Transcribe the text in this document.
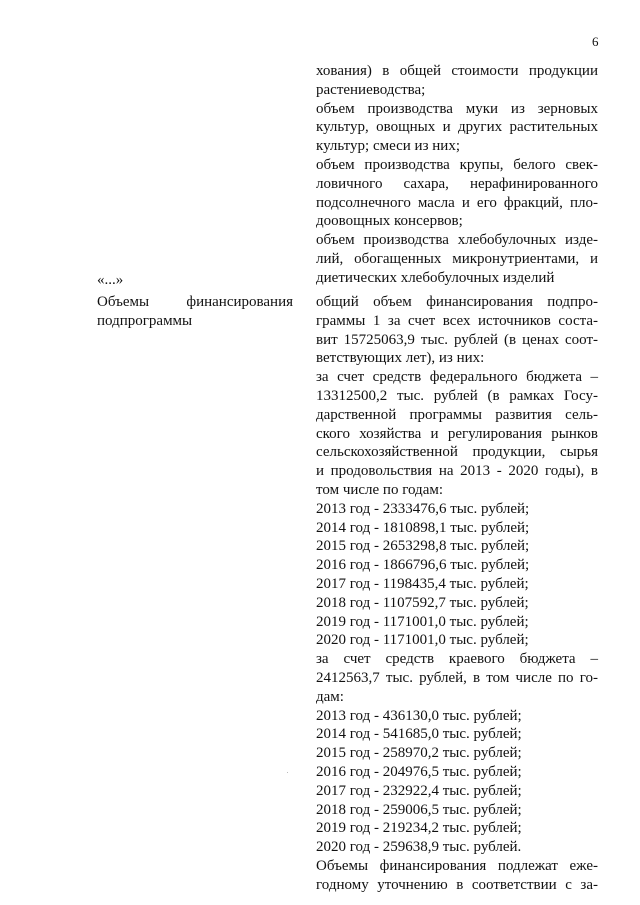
6
хования) в общей стоимости продукции
растениеводства;
объем производства муки из зерновых
культур, овощных и других растительных
культур; смеси из них;
объем производства крупы, белого свек-
ловичного сахара, нерафинированного
подсолнечного масла и его фракций, пло-
доовощных консервов;
объем производства хлебобулочных изде-
лий, обогащенных микронутриентами, и
диетических хлебобулочных изделий
«...»
Объемы финансирования
подпрограммы
общий объем финансирования подпро-
граммы 1 за счет всех источников соста-
вит 15725063,9 тыс. рублей (в ценах соот-
ветствующих лет), из них:
за счет средств федерального бюджета –
13312500,2 тыс. рублей (в рамках Госу-
дарственной программы развития сель-
ского хозяйства и регулирования рынков
сельскохозяйственной продукции, сырья
и продовольствия на 2013 - 2020 годы), в
том числе по годам:
2013 год - 2333476,6 тыс. рублей;
2014 год - 1810898,1 тыс. рублей;
2015 год - 2653298,8 тыс. рублей;
2016 год - 1866796,6 тыс. рублей;
2017 год - 1198435,4 тыс. рублей;
2018 год - 1107592,7 тыс. рублей;
2019 год - 1171001,0 тыс. рублей;
2020 год - 1171001,0 тыс. рублей;
за счет средств краевого бюджета –
2412563,7 тыс. рублей, в том числе по го-
дам:
2013 год - 436130,0 тыс. рублей;
2014 год - 541685,0 тыс. рублей;
2015 год - 258970,2 тыс. рублей;
2016 год - 204976,5 тыс. рублей;
2017 год - 232922,4 тыс. рублей;
2018 год - 259006,5 тыс. рублей;
2019 год - 219234,2 тыс. рублей;
2020 год - 259638,9 тыс. рублей.
Объемы финансирования подлежат еже-
годному уточнению в соответствии с за-
